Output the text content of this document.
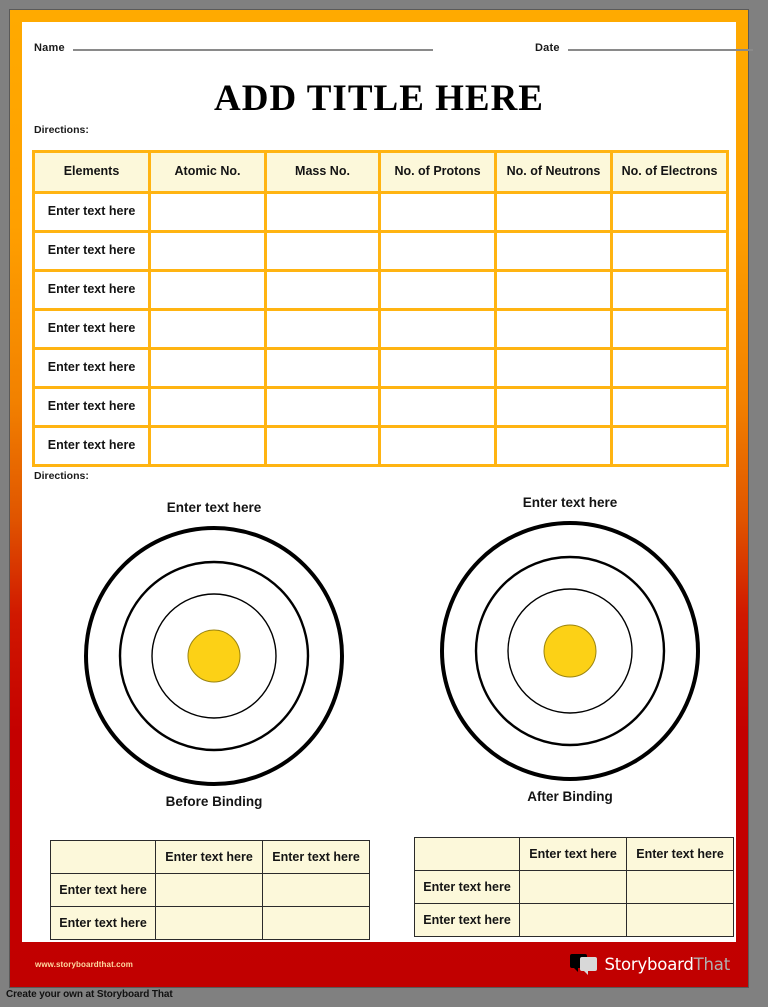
Name	Date
ADD TITLE HERE
Directions:
Elements	Atomic No.	Mass No.	No. of Protons	No. of Neutrons	No. of Electrons
Enter text here					
Enter text here					
Enter text here					
Enter text here					
Enter text here					
Enter text here					
Enter text here					
Directions:
Enter text here
Before Binding
Enter text here
After Binding
	Enter text here	Enter text here
Enter text here		
Enter text here		
	Enter text here	Enter text here
Enter text here		
Enter text here		
www.storyboardthat.com	Storyboard That
Create your own at Storyboard That
